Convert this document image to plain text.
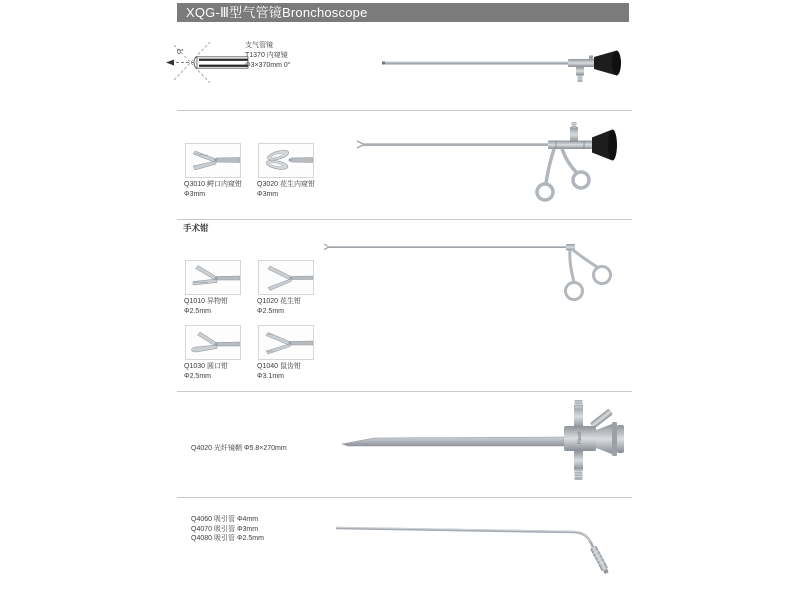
XQG-Ⅲ型气管镜Bronchoscope
0°
支气管镜
T1370 内窥镜
Φ3×370mm 0°
Q3010 鳄口内窥钳
Φ3mm
Q3020 花生内窥钳
Φ3mm
手术钳
Q1010 异物钳
Φ2.5mm
Q1020 花生钳
Φ2.5mm
Q1030 圆口钳
Φ2.5mm
Q1040 鼠齿钳
Φ3.1mm
Q4020 光纤镜鞘 Φ5.8×270mm
Hawk
Q4060 吸引管 Φ4mm
Q4070 吸引管 Φ3mm
Q4080 吸引管 Φ2.5mm
